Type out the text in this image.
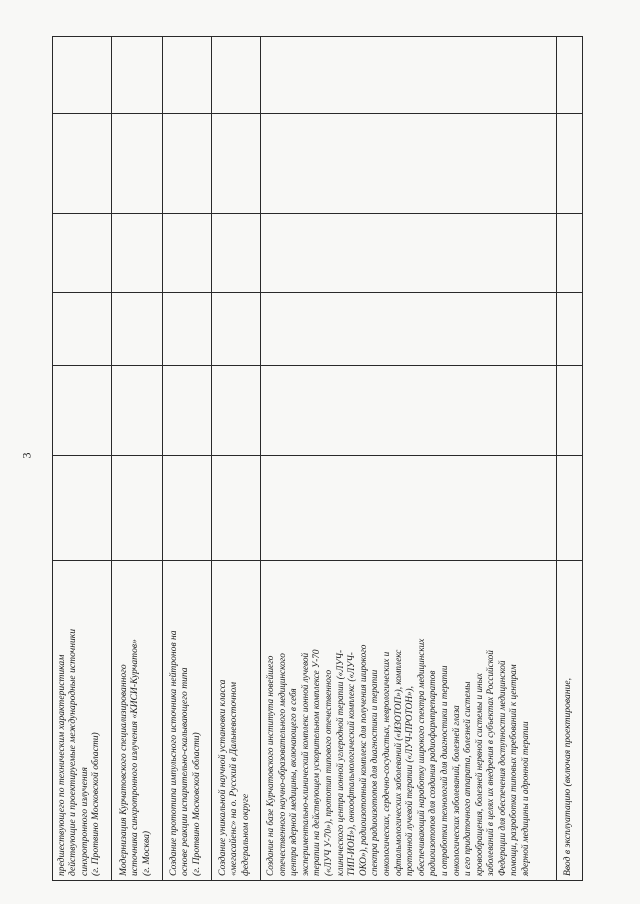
3

предшествующего по техническим характеристикам действующие и проектируемые международные источники синхротронного излучения (г. Протвино Московской области) Модернизация Курчатовского специализированного источника синхротронного излучения «КИСИ-Курчатов» (г. Москва) Создание прототипа импульсного источника нейтронов на основе реакции испарительно-скалывающего типа (г. Протвино Московской области) Создание уникальной научной установки класса «мегасайенс» на о. Русский в Дальневосточном федеральном округе Создание на базе Курчатовского института новейшего отечественного научно-образовательного медицинского центра ядерной медицины, включающего в себя экспериментально-клинический комплекс ионной лучевой терапии на действующем ускорительном комплексе У-70 («ЛУЧ У-70»), прототип типового отечественного клинического центра ионной углеродной терапии («ЛУЧ- ТИП-ИОН»), онкоофтальмологический комплекс («ЛУЧ- ОКО»), радиоизотопный комплекс для получения широкого спектра радиоизотопов для диагностики и терапии онкологических, сердечно-сосудистых, неврологических и офтальмологических заболеваний («ИЗОТОП»), комплекс протонной лучевой терапии («ЛУЧ-ПРОТОН»), обеспечивающий наработку широкого спектра медицинских радиоизотопов для создания радиофармпрепаратов и отработки технологий для диагностики и терапии онкологических заболеваний, болезней глаза и его придаточного аппарата, болезней системы кровообращения, болезней нервной системы и иных заболеваний в целях их внедрения в субъектах Российской Федерации для обеспечения доступности медицинской помощи, разработка типовых требований к центрам ядерной медицины и адронной терапии	Ввод в эксплуатацию (включая проектирование,
